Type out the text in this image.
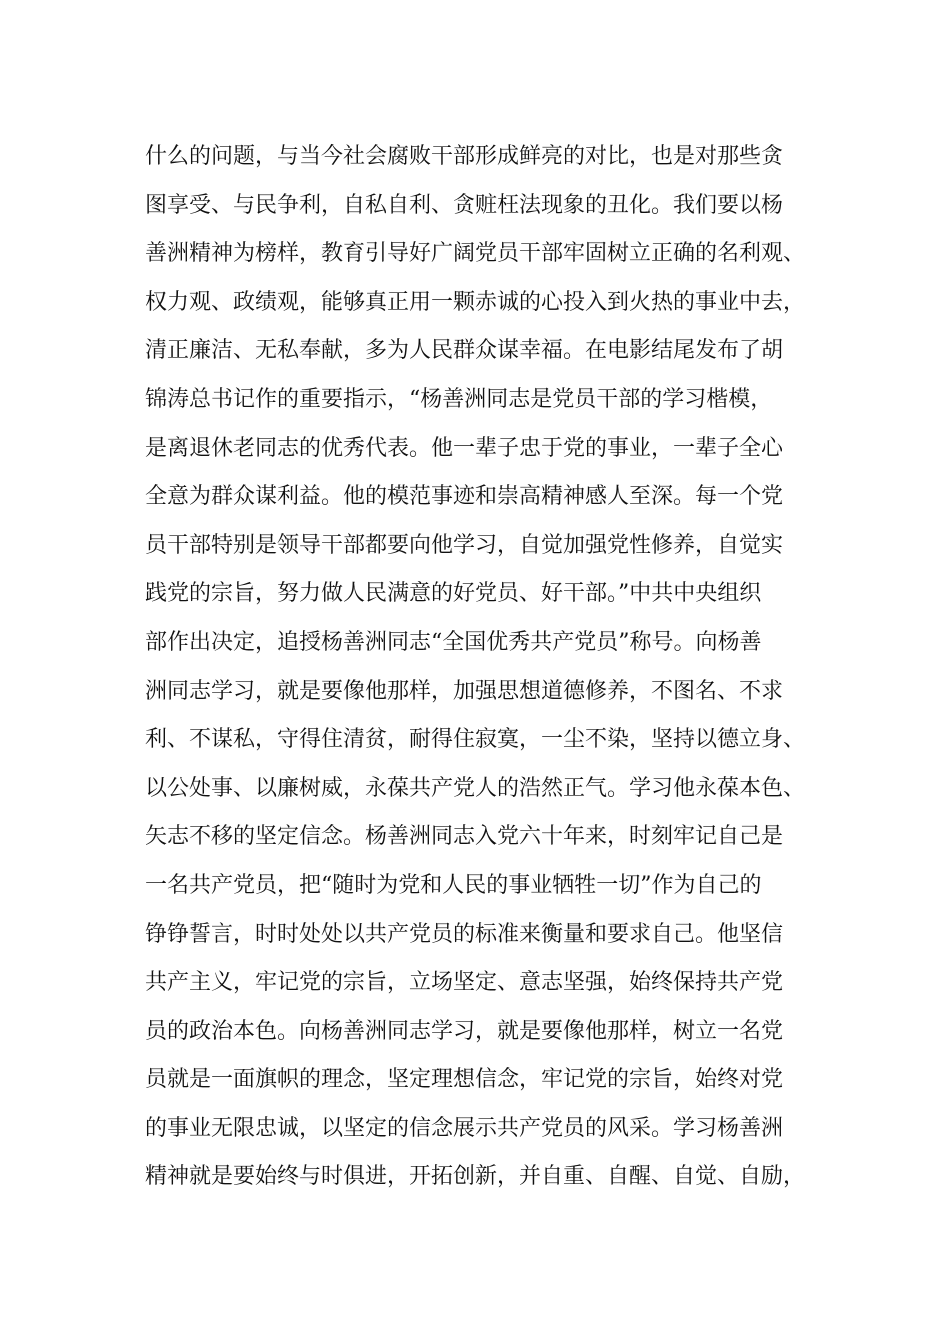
什么的问题，与当今社会腐败干部形成鲜亮的对比，也是对那些贪
图享受、与民争利，自私自利、贪赃枉法现象的丑化。我们要以杨
善洲精神为榜样，教育引导好广阔党员干部牢固树立正确的名利观、
权力观、政绩观，能够真正用一颗赤诚的心投入到火热的事业中去，
清正廉洁、无私奉献，多为人民群众谋幸福。在电影结尾发布了胡
锦涛总书记作的重要指示，“杨善洲同志是党员干部的学习楷模，
是离退休老同志的优秀代表。他一辈子忠于党的事业，一辈子全心
全意为群众谋利益。他的模范事迹和崇高精神感人至深。每一个党
员干部特别是领导干部都要向他学习，自觉加强党性修养，自觉实
践党的宗旨，努力做人民满意的好党员、好干部。”中共中央组织
部作出决定，追授杨善洲同志“全国优秀共产党员”称号。向杨善
洲同志学习，就是要像他那样，加强思想道德修养，不图名、不求
利、不谋私，守得住清贫，耐得住寂寞，一尘不染，坚持以德立身、
以公处事、以廉树威，永葆共产党人的浩然正气。学习他永葆本色、
矢志不移的坚定信念。杨善洲同志入党六十年来，时刻牢记自己是
一名共产党员，把“随时为党和人民的事业牺牲一切”作为自己的
铮铮誓言，时时处处以共产党员的标准来衡量和要求自己。他坚信
共产主义，牢记党的宗旨，立场坚定、意志坚强，始终保持共产党
员的政治本色。向杨善洲同志学习，就是要像他那样，树立一名党
员就是一面旗帜的理念，坚定理想信念，牢记党的宗旨，始终对党
的事业无限忠诚，以坚定的信念展示共产党员的风采。学习杨善洲
精神就是要始终与时俱进，开拓创新，并自重、自醒、自觉、自励，
